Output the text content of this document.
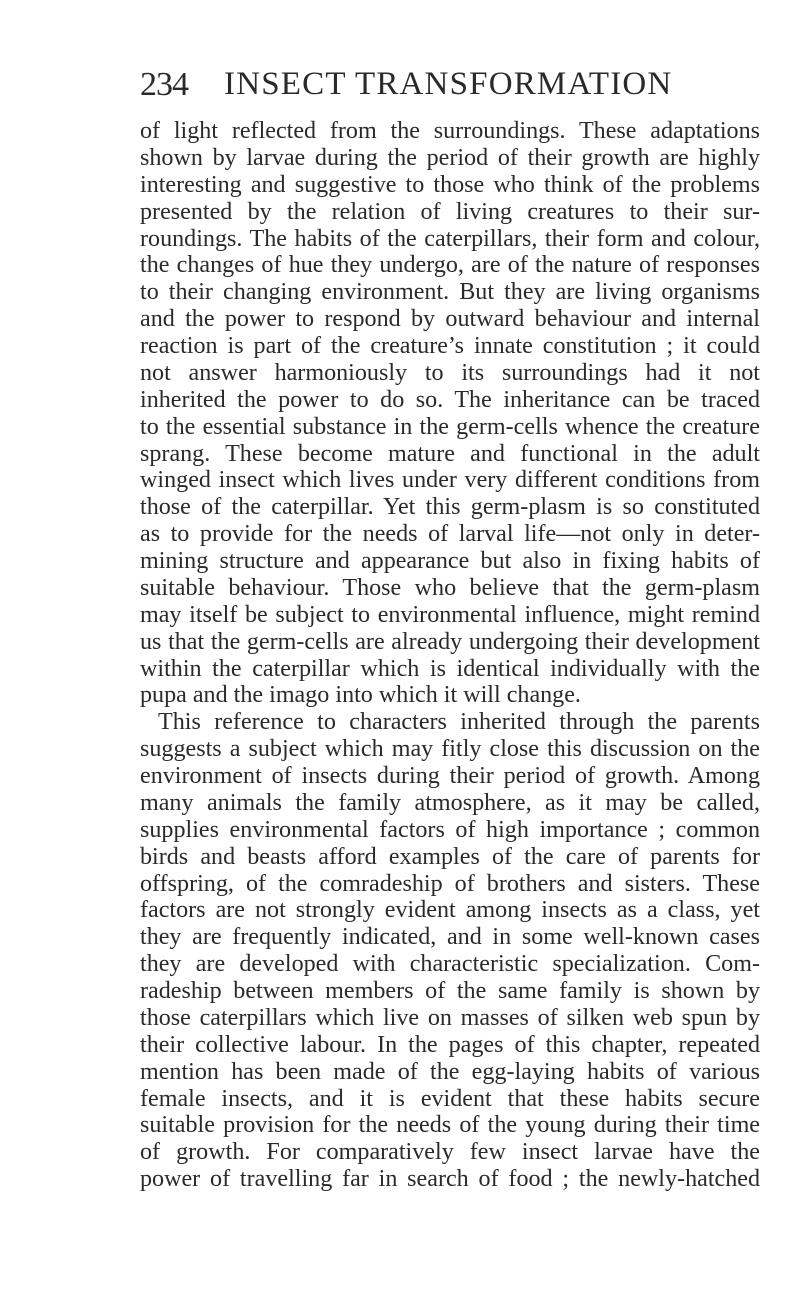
234 INSECT TRANSFORMATION
of light reflected from the surroundings. These adaptations
shown by larvae during the period of their growth are highly
interesting and suggestive to those who think of the problems
presented by the relation of living creatures to their sur-
roundings. The habits of the caterpillars, their form and colour,
the changes of hue they undergo, are of the nature of responses
to their changing environment. But they are living organisms
and the power to respond by outward behaviour and internal
reaction is part of the creature’s innate constitution ; it could
not answer harmoniously to its surroundings had it not
inherited the power to do so. The inheritance can be traced
to the essential substance in the germ-cells whence the creature
sprang. These become mature and functional in the adult
winged insect which lives under very different conditions from
those of the caterpillar. Yet this germ-plasm is so constituted
as to provide for the needs of larval life—not only in deter-
mining structure and appearance but also in fixing habits of
suitable behaviour. Those who believe that the germ-plasm
may itself be subject to environmental influence, might remind
us that the germ-cells are already undergoing their development
within the caterpillar which is identical individually with the
pupa and the imago into which it will change.
This reference to characters inherited through the parents
suggests a subject which may fitly close this discussion on the
environment of insects during their period of growth. Among
many animals the family atmosphere, as it may be called,
supplies environmental factors of high importance ; common
birds and beasts afford examples of the care of parents for
offspring, of the comradeship of brothers and sisters. These
factors are not strongly evident among insects as a class, yet
they are frequently indicated, and in some well-known cases
they are developed with characteristic specialization. Com-
radeship between members of the same family is shown by
those caterpillars which live on masses of silken web spun by
their collective labour. In the pages of this chapter, repeated
mention has been made of the egg-laying habits of various
female insects, and it is evident that these habits secure
suitable provision for the needs of the young during their time
of growth. For comparatively few insect larvae have the
power of travelling far in search of food ; the newly-hatched
